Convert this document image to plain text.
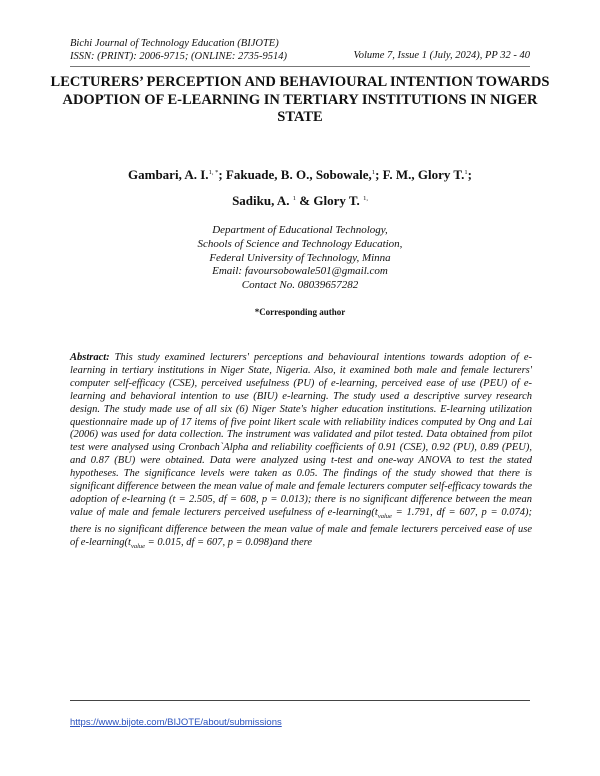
Bichi Journal of Technology Education (BIJOTE)
ISSN: (PRINT): 2006-9715; (ONLINE: 2735-9514)	Volume 7, Issue 1 (July, 2024), PP 32 - 40
LECTURERS’ PERCEPTION AND BEHAVIOURAL INTENTION TOWARDS ADOPTION OF E-LEARNING IN TERTIARY INSTITUTIONS IN NIGER STATE
Gambari, A. I.$^{1, *}$; Fakuade, B. O., Sobowale,$^1$; F. M., Glory T.$^1$;
Sadiku, A. $^1$ & Glory T. $^{1,}$
Department of Educational Technology,
Schools of Science and Technology Education,
Federal University of Technology, Minna
Email: favoursobowale501@gmail.com
Contact No. 08039657282
*Corresponding author
Abstract: This study examined lecturers' perceptions and behavioural intentions towards adoption of e-learning in tertiary institutions in Niger State, Nigeria. Also, it examined both male and female lecturers' computer self-efficacy (CSE), perceived usefulness (PU) of e-learning, perceived ease of use (PEU) of e-learning and behavioral intention to use (BIU) e-learning. The study used a descriptive survey research design. The study made use of all six (6) Niger State's higher education institutions. E-learning utilization questionnaire made up of 17 items of five point likert scale with reliability indices computed by Ong and Lai (2006) was used for data collection. The instrument was validated and pilot tested. Data obtained from pilot test were analysed using Cronbach`Alpha and reliability coefficients of 0.91 (CSE), 0.92 (PU), 0.89 (PEU), and 0.87 (BU) were obtained. Data were analyzed using t-test and one-way ANOVA to test the stated hypotheses. The significance levels were taken as 0.05. The findings of the study showed that there is significant difference between the mean value of male and female lecturers computer self-efficacy towards the adoption of e-learning (t = 2.505, df = 608, p = 0.013); there is no significant difference between the mean value of male and female lecturers perceived usefulness of $e-learning(t_{value} = 1.791$, df = 607, p = 0.074); there is no significant difference between the mean value of male and female lecturers perceived ease of use of $e-learning(t_{value} = 0.015$, df = 607, p = 0.098)and there
https://www.bijote.com/BIJOTE/about/submissions
